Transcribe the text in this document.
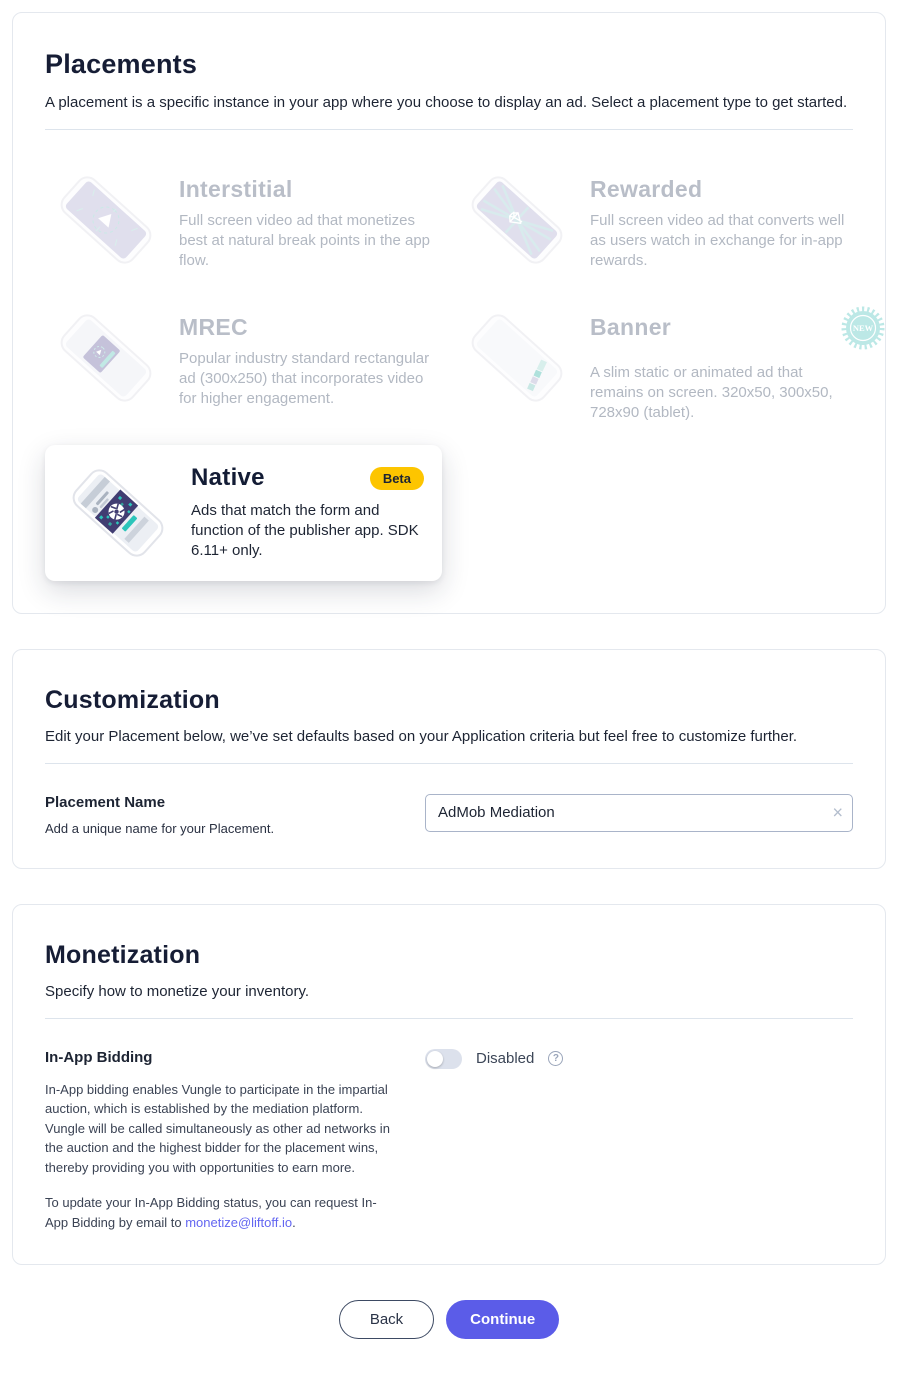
Placements
A placement is a specific instance in your app where you choose to display an ad. Select a placement type to get started.
Interstitial
Full screen video ad that monetizes best at natural break points in the app flow.
Rewarded
Full screen video ad that converts well as users watch in exchange for in-app rewards.
MREC
Popular industry standard rectangular ad (300x250) that incorporates video for higher engagement.
Banner	NEW
A slim static or animated ad that remains on screen. 320x50, 300x50, 728x90 (tablet).
Native	Beta
Ads that match the form and function of the publisher app. SDK 6.11+ only.
Customization
Edit your Placement below, we’ve set defaults based on your Application criteria but feel free to customize further.
Placement Name
Add a unique name for your Placement.
AdMob Mediation
×
Monetization
Specify how to monetize your inventory.
In-App Bidding
In-App bidding enables Vungle to participate in the impartial auction, which is established by the mediation platform. Vungle will be called simultaneously as other ad networks in the auction and the highest bidder for the placement wins, thereby providing you with opportunities to earn more.
To update your In-App Bidding status, you can request In-App Bidding by email to monetize@liftoff.io.
Disabled	?
Back	Continue
